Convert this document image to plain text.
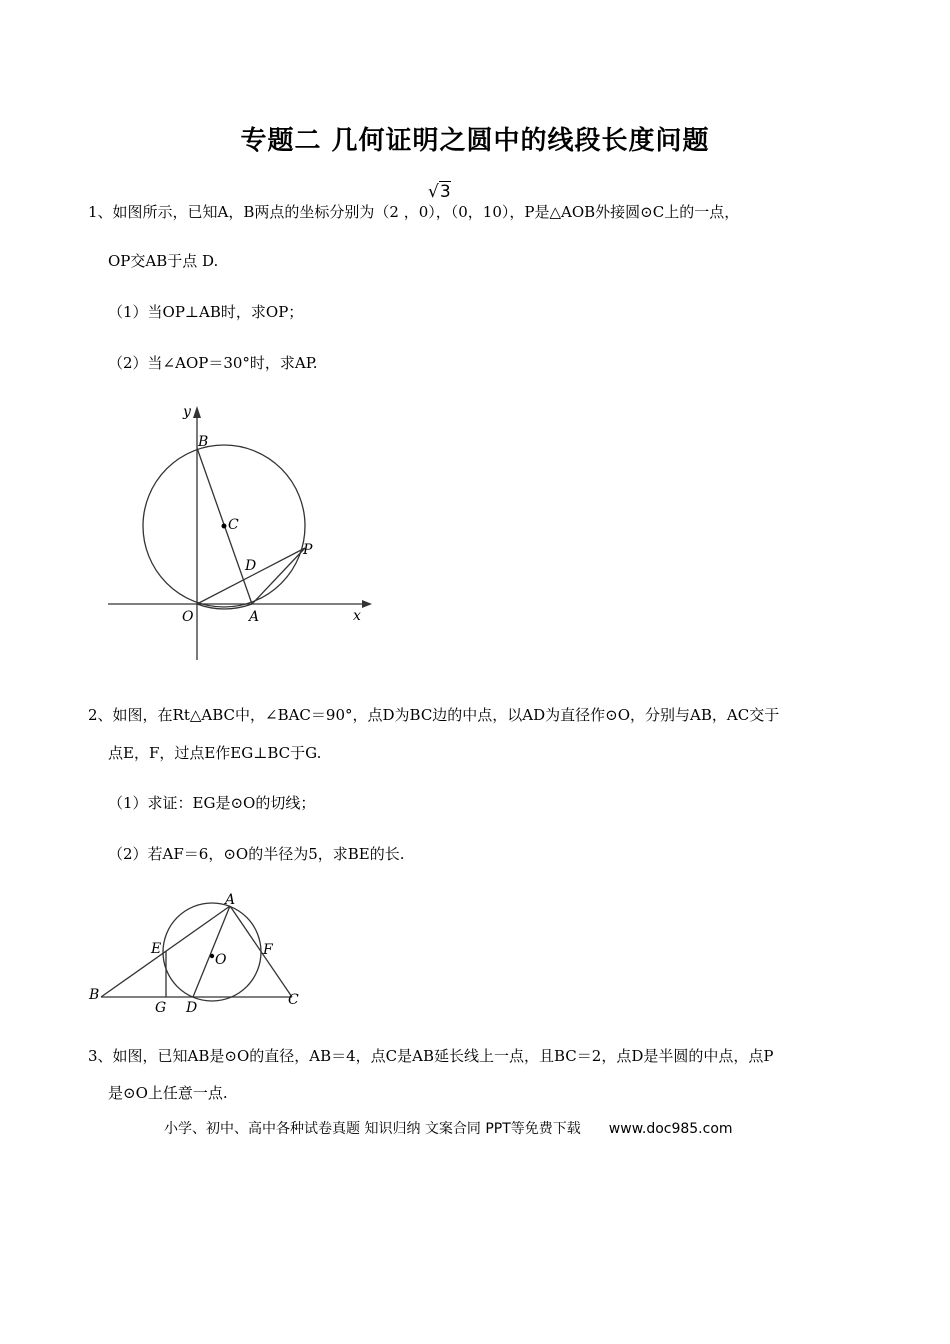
专题二 几何证明之圆中的线段长度问题
1、如图所示，已知A，B两点的坐标分别为（2 ，0），（0，10），P是△AOB外接圆⊙C上的一点，
√3
OP交AB于点 D.
（1）当OP⊥AB时，求OP；
（2）当∠AOP＝30°时，求AP.
y
x
B
C
D
P
O	A
2、如图，在Rt△ABC中，∠BAC＝90°，点D为BC边的中点，以AD为直径作⊙O，分别与AB，AC交于
点E，F，过点E作EG⊥BC于G.
（1）求证：EG是⊙O的切线；
（2）若AF＝6，⊙O的半径为5，求BE的长.
A
E	F
O
B
G D	C
3、如图，已知AB是⊙O的直径，AB＝4，点C是AB延长线上一点，且BC＝2，点D是半圆的中点，点P
是⊙O上任意一点.
小学、初中、高中各种试卷真题 知识归纳 文案合同 PPT等免费下载 www.doc985.com
